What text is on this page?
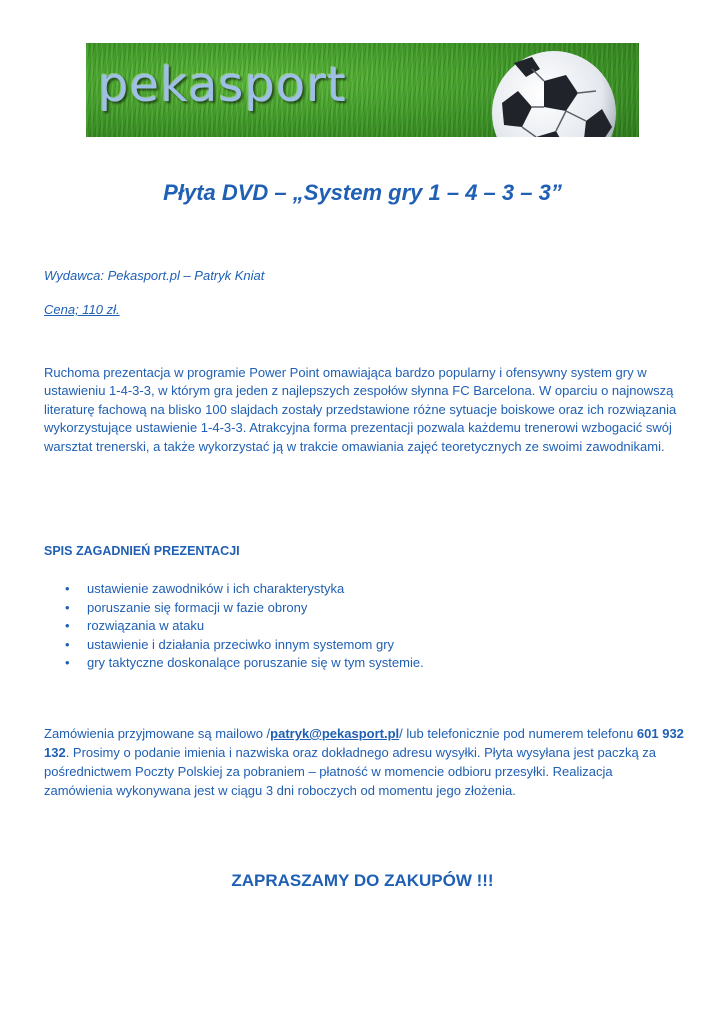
pekasport
Płyta DVD – „System gry 1 – 4 – 3 – 3”
Wydawca: Pekasport.pl – Patryk Kniat
Cena; 110 zł.
Ruchoma prezentacja w programie Power Point omawiająca bardzo popularny i ofensywny system gry w ustawieniu 1-4-3-3, w którym gra jeden z najlepszych zespołów słynna FC Barcelona. W oparciu o najnowszą literaturę fachową na blisko 100 slajdach zostały przedstawione różne sytuacje boiskowe oraz ich rozwiązania wykorzystujące ustawienie 1-4-3-3. Atrakcyjna forma prezentacji pozwala każdemu trenerowi wzbogacić swój warsztat trenerski, a także wykorzystać ją w trakcie omawiania zajęć teoretycznych ze swoimi zawodnikami.
SPIS ZAGADNIEŃ PREZENTACJI
• ustawienie zawodników i ich charakterystyka
• poruszanie się formacji w fazie obrony
• rozwiązania w ataku
• ustawienie i działania przeciwko innym systemom gry
• gry taktyczne doskonalące poruszanie się w tym systemie.
Zamówienia przyjmowane są mailowo /patryk@pekasport.pl/ lub telefonicznie pod numerem telefonu 601 932 132. Prosimy o podanie imienia i nazwiska oraz dokładnego adresu wysyłki. Płyta wysyłana jest paczką za pośrednictwem Poczty Polskiej za pobraniem – płatność w momencie odbioru przesyłki. Realizacja zamówienia wykonywana jest w ciągu 3 dni roboczych od momentu jego złożenia.
ZAPRASZAMY DO ZAKUPÓW !!!
